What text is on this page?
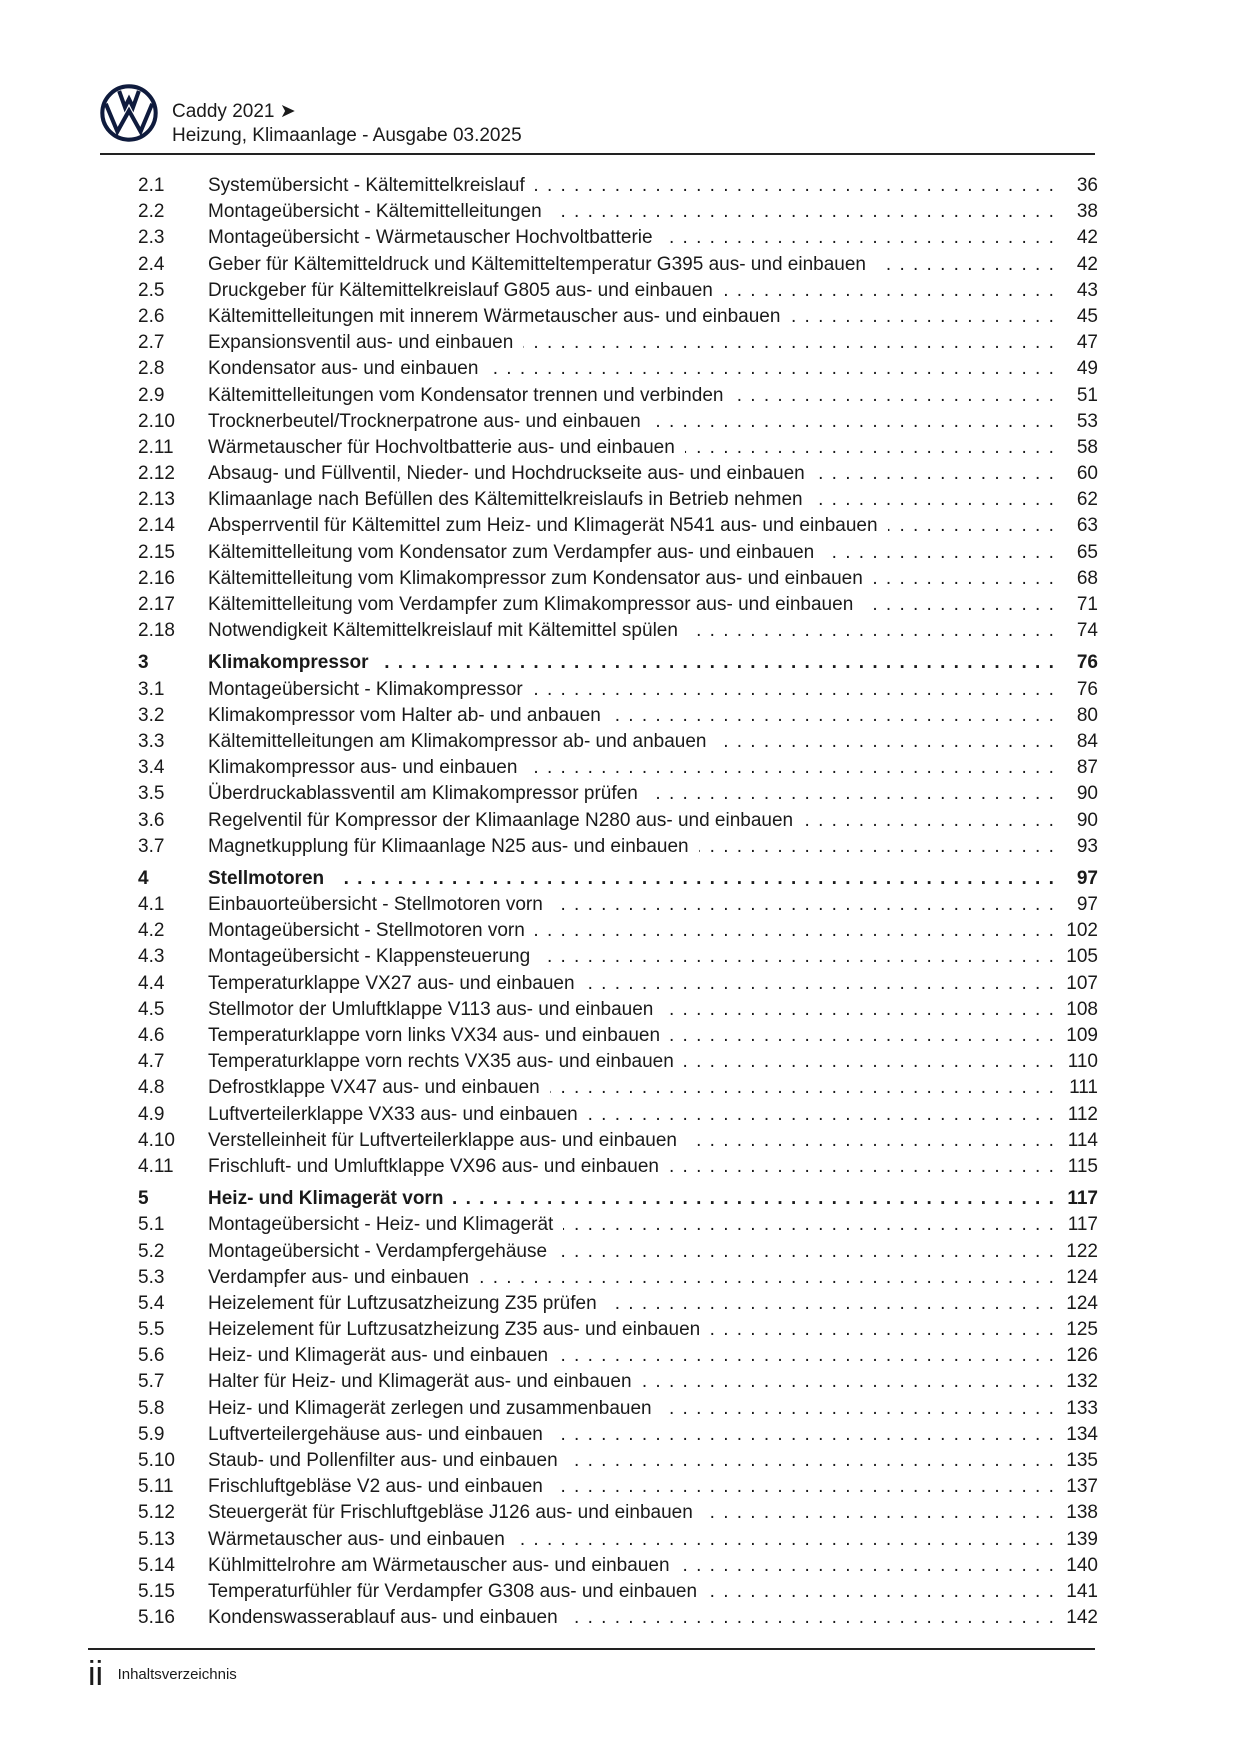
Caddy 2021 ➤
Heizung, Klimaanlage - Ausgabe 03.2025
2.1	Systemübersicht - Kältemittelkreislauf . . .	36
2.2	Montageübersicht - Kältemittelleitungen . . .	38
2.3	Montageübersicht - Wärmetauscher Hochvoltbatterie . . .	42
2.4	Geber für Kältemitteldruck und Kältemitteltemperatur G395 aus- und einbauen . . .	42
2.5	Druckgeber für Kältemittelkreislauf G805 aus- und einbauen . . .	43
2.6	Kältemittelleitungen mit innerem Wärmetauscher aus- und einbauen . . .	45
2.7	Expansionsventil aus- und einbauen . . .	47
2.8	Kondensator aus- und einbauen . . .	49
2.9	Kältemittelleitungen vom Kondensator trennen und verbinden . . .	51
2.10	Trocknerbeutel/Trocknerpatrone aus- und einbauen . . .	53
2.11	Wärmetauscher für Hochvoltbatterie aus- und einbauen . . .	58
2.12	Absaug- und Füllventil, Nieder- und Hochdruckseite aus- und einbauen . . .	60
2.13	Klimaanlage nach Befüllen des Kältemittelkreislaufs in Betrieb nehmen . . .	62
2.14	Absperrventil für Kältemittel zum Heiz- und Klimagerät N541 aus- und einbauen . . .	63
2.15	Kältemittelleitung vom Kondensator zum Verdampfer aus- und einbauen . . .	65
2.16	Kältemittelleitung vom Klimakompressor zum Kondensator aus- und einbauen . . .	68
2.17	Kältemittelleitung vom Verdampfer zum Klimakompressor aus- und einbauen . . .	71
2.18	Notwendigkeit Kältemittelkreislauf mit Kältemittel spülen . . .	74
3	Klimakompressor . . .	76
3.1	Montageübersicht - Klimakompressor . . .	76
3.2	Klimakompressor vom Halter ab- und anbauen . . .	80
3.3	Kältemittelleitungen am Klimakompressor ab- und anbauen . . .	84
3.4	Klimakompressor aus- und einbauen . . .	87
3.5	Überdruckablassventil am Klimakompressor prüfen . . .	90
3.6	Regelventil für Kompressor der Klimaanlage N280 aus- und einbauen . . .	90
3.7	Magnetkupplung für Klimaanlage N25 aus- und einbauen . . .	93
4	Stellmotoren . . .	97
4.1	Einbauorteübersicht - Stellmotoren vorn . . .	97
4.2	Montageübersicht - Stellmotoren vorn . . .	102
4.3	Montageübersicht - Klappensteuerung . . .	105
4.4	Temperaturklappe VX27 aus- und einbauen . . .	107
4.5	Stellmotor der Umluftklappe V113 aus- und einbauen . . .	108
4.6	Temperaturklappe vorn links VX34 aus- und einbauen . . .	109
4.7	Temperaturklappe vorn rechts VX35 aus- und einbauen . . .	110
4.8	Defrostklappe VX47 aus- und einbauen . . .	111
4.9	Luftverteilerklappe VX33 aus- und einbauen . . .	112
4.10	Verstelleinheit für Luftverteilerklappe aus- und einbauen . . .	114
4.11	Frischluft- und Umluftklappe VX96 aus- und einbauen . . .	115
5	Heiz- und Klimagerät vorn . . .	117
5.1	Montageübersicht - Heiz- und Klimagerät . . .	117
5.2	Montageübersicht - Verdampfergehäuse . . .	122
5.3	Verdampfer aus- und einbauen . . .	124
5.4	Heizelement für Luftzusatzheizung Z35 prüfen . . .	124
5.5	Heizelement für Luftzusatzheizung Z35 aus- und einbauen . . .	125
5.6	Heiz- und Klimagerät aus- und einbauen . . .	126
5.7	Halter für Heiz- und Klimagerät aus- und einbauen . . .	132
5.8	Heiz- und Klimagerät zerlegen und zusammenbauen . . .	133
5.9	Luftverteilergehäuse aus- und einbauen . . .	134
5.10	Staub- und Pollenfilter aus- und einbauen . . .	135
5.11	Frischluftgebläse V2 aus- und einbauen . . .	137
5.12	Steuergerät für Frischluftgebläse J126 aus- und einbauen . . .	138
5.13	Wärmetauscher aus- und einbauen . . .	139
5.14	Kühlmittelrohre am Wärmetauscher aus- und einbauen . . .	140
5.15	Temperaturfühler für Verdampfer G308 aus- und einbauen . . .	141
5.16	Kondenswasserablauf aus- und einbauen . . .	142
ii Inhaltsverzeichnis
